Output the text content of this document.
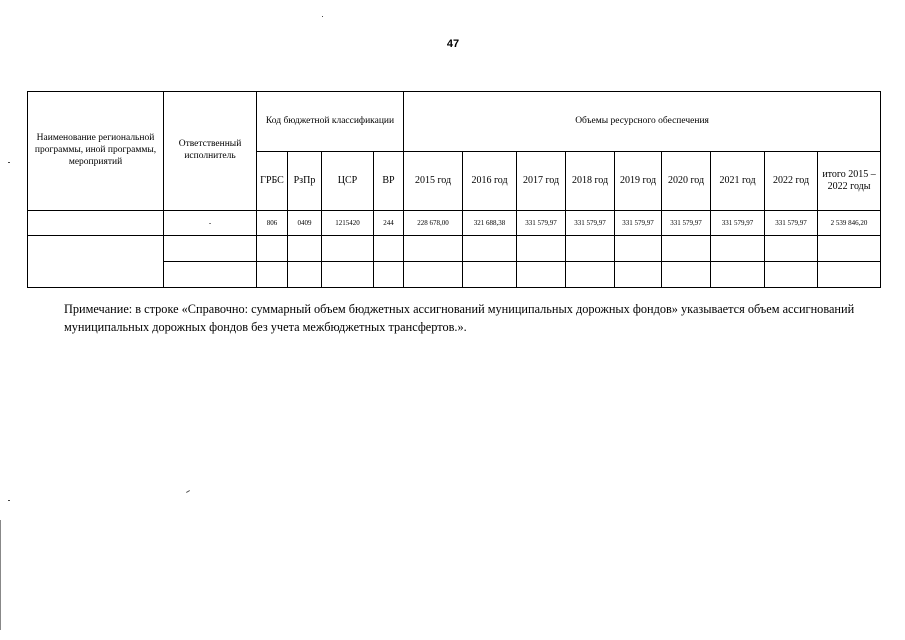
47
Наименование региональной программы, иной программы, мероприятий	Ответственный исполнитель	Код бюджетной классификации				Объемы ресурсного обеспечения								
		ГРБС	РзПр	ЦСР	ВР	2015 год	2016 год	2017 год	2018 год	2019 год	2020 год	2021 год	2022 год	итого 2015 – 2022 годы
	-	806	0409	1215420	244	228 678,00	321 688,38	331 579,97	331 579,97	331 579,97	331 579,97	331 579,97	331 579,97	2 539 846,20

Примечание: в строке «Справочно: суммарный объем бюджетных ассигнований муниципальных дорожных фондов» указывается объем ассигнований муниципальных дорожных фондов без учета межбюджетных трансфертов.».
